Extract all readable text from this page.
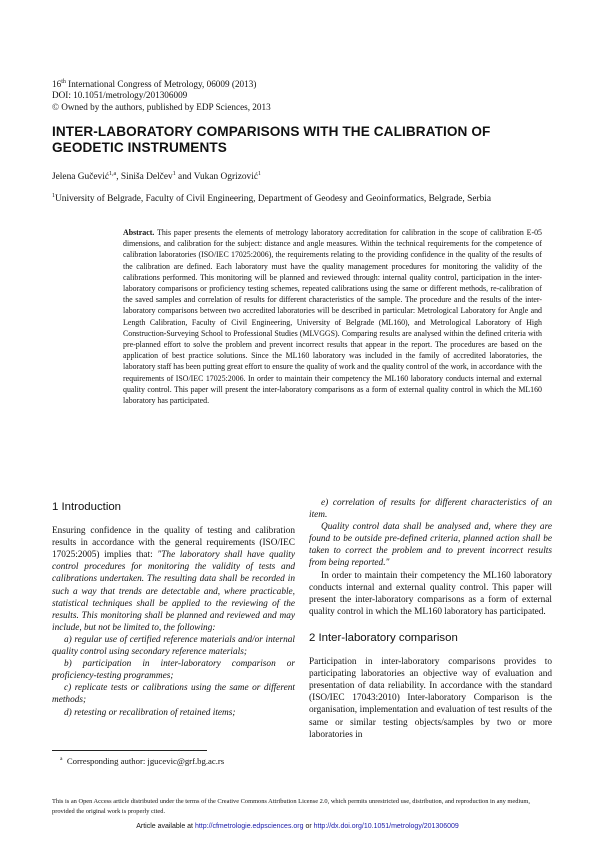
16th International Congress of Metrology, 06009 (2013)
DOI: 10.1051/metrology/201306009
© Owned by the authors, published by EDP Sciences, 2013
INTER-LABORATORY COMPARISONS WITH THE CALIBRATION OF GEODETIC INSTRUMENTS
Jelena Gučević$^{1,a}$, Siniša Delčev$^1$ and Vukan Ogrizović$^1$
$^1$University of Belgrade, Faculty of Civil Engineering, Department of Geodesy and Geoinformatics, Belgrade, Serbia
Abstract. This paper presents the elements of metrology laboratory accreditation for calibration in the scope of calibration E-05 dimensions, and calibration for the subject: distance and angle measures. Within the technical requirements for the competence of calibration laboratories (ISO/IEC 17025:2006), the requirements relating to the providing confidence in the quality of the results of the calibration are defined. Each laboratory must have the quality management procedures for monitoring the validity of the calibrations performed. This monitoring will be planned and reviewed through: internal quality control, participation in the inter-laboratory comparisons or proficiency testing schemes, repeated calibrations using the same or different methods, re-calibration of the saved samples and correlation of results for different characteristics of the sample. The procedure and the results of the inter-laboratory comparisons between two accredited laboratories will be described in particular: Metrological Laboratory for Angle and Length Calibration, Faculty of Civil Engineering, University of Belgrade (ML160), and Metrological Laboratory of High Construction-Surveying School to Professional Studies (MLVGGS). Comparing results are analysed within the defined criteria with pre-planned effort to solve the problem and prevent incorrect results that appear in the report. The procedures are based on the application of best practice solutions. Since the ML160 laboratory was included in the family of accredited laboratories, the laboratory staff has been putting great effort to ensure the quality of work and the quality control of the work, in accordance with the requirements of ISO/IEC 17025:2006. In order to maintain their competency the ML160 laboratory conducts internal and external quality control. This paper will present the inter-laboratory comparisons as a form of external quality control in which the ML160 laboratory has participated.
1 Introduction

Ensuring confidence in the quality of testing and calibration results in accordance with the general requirements (ISO/IEC 17025:2005) implies that: "The laboratory shall have quality control procedures for monitoring the validity of tests and calibrations undertaken. The resulting data shall be recorded in such a way that trends are detectable and, where practicable, statistical techniques shall be applied to the reviewing of the results. This monitoring shall be planned and reviewed and may include, but not be limited to, the following:

a) regular use of certified reference materials and/or internal quality control using secondary reference materials;

b) participation in inter-laboratory comparison or proficiency-testing programmes;

c) replicate tests or calibrations using the same or different methods;

d) retesting or recalibration of retained items;

e) correlation of results for different characteristics of an item.

Quality control data shall be analysed and, where they are found to be outside pre-defined criteria, planned action shall be taken to correct the problem and to prevent incorrect results from being reported."

In order to maintain their competency the ML160 laboratory conducts internal and external quality control. This paper will present the inter-laboratory comparisons as a form of external quality control in which the ML160 laboratory has participated.

2 Inter-laboratory comparison

Participation in inter-laboratory comparisons provides to participating laboratories an objective way of evaluation and presentation of data reliability. In accordance with the standard (ISO/IEC 17043:2010) Inter-laboratory Comparison is the organisation, implementation and evaluation of test results of the same or similar testing objects/samples by two or more laboratories in

$^a$ Corresponding author: jgucevic@grf.bg.ac.rs
This is an Open Access article distributed under the terms of the Creative Commons Attribution License 2.0, which permits unrestricted use, distribution, and reproduction in any medium, provided the original work is properly cited.
Article available at http://cfmetrologie.edpsciences.org or http://dx.doi.org/10.1051/metrology/201306009
